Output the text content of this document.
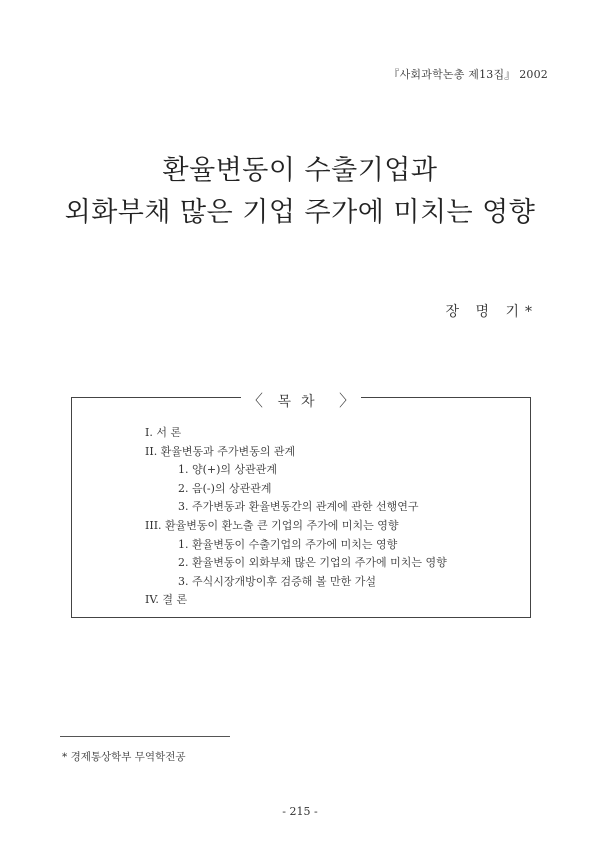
『사회과학논총 제13집』 2002
환율변동이 수출기업과
외화부채 많은 기업 주가에 미치는 영향
장 명 기*
〈 목차 〉
I. 서 론
II. 환율변동과 주가변동의 관계
1. 양(+)의 상관관계
2. 음(-)의 상관관계
3. 주가변동과 환율변동간의 관계에 관한 선행연구
III. 환율변동이 환노출 큰 기업의 주가에 미치는 영향
1. 환율변동이 수출기업의 주가에 미치는 영향
2. 환율변동이 외화부채 많은 기업의 주가에 미치는 영향
3. 주식시장개방이후 검증해 볼 만한 가설
IV. 결 론
* 경제통상학부 무역학전공
- 215 -
